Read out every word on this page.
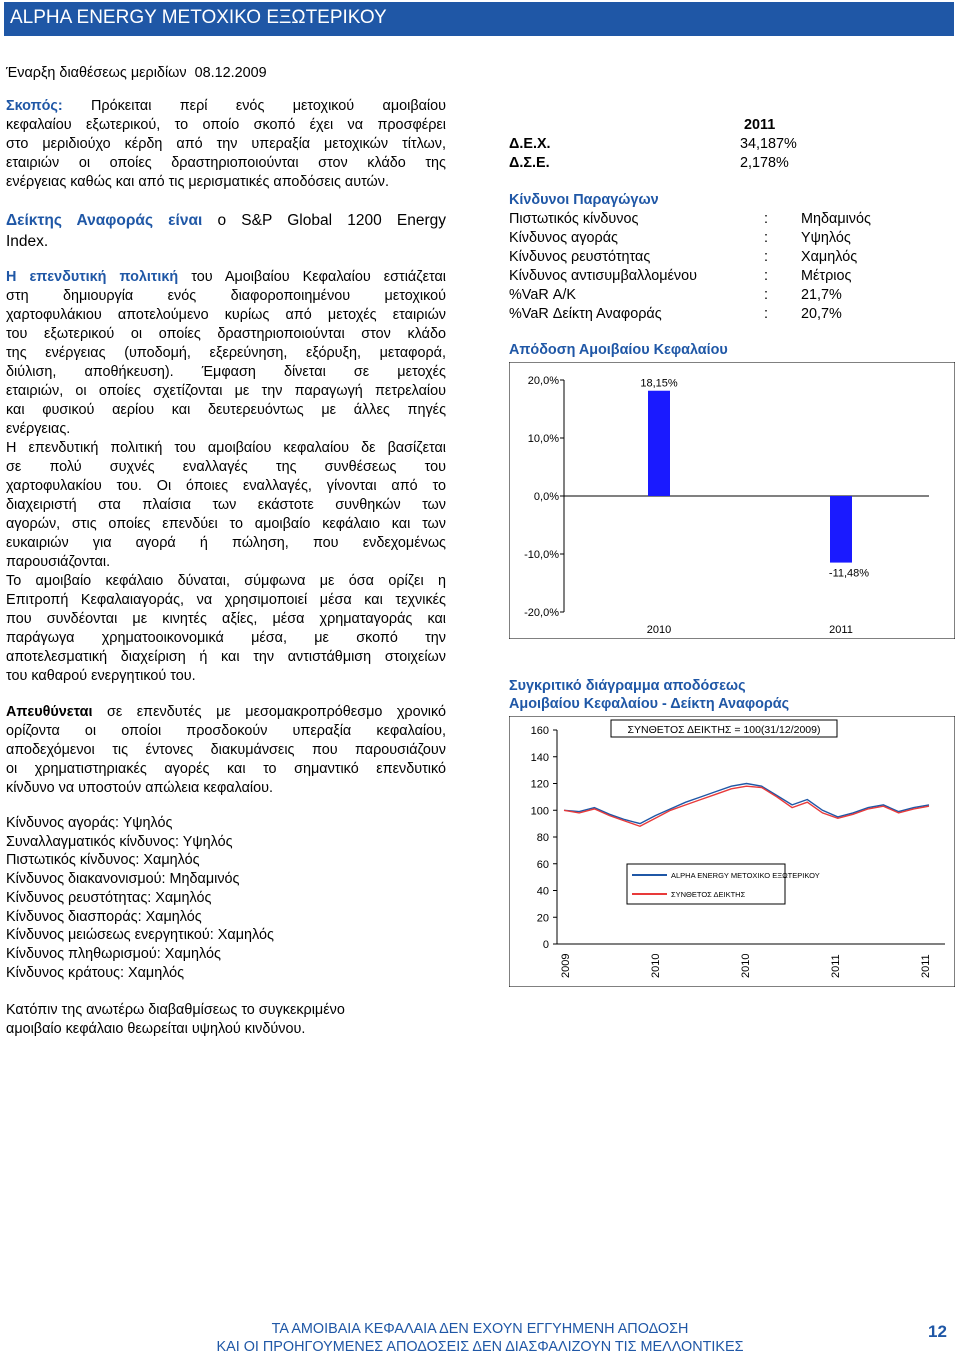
ALPHA ENERGY ΜΕΤΟΧΙΚΟ ΕΞΩΤΕΡΙΚΟΥ
Έναρξη διαθέσεως μεριδίων 08.12.2009
Σκοπός: Πρόκειται περί ενός μετοχικού αμοιβαίου
κεφαλαίου εξωτερικού, το οποίο σκοπό έχει να προσφέρει
στο μεριδιούχο κέρδη από την υπεραξία μετοχικών τίτλων,
εταιριών οι οποίες δραστηριοποιούνται στον κλάδο της
ενέργειας καθώς και από τις μερισματικές αποδόσεις αυτών.
Δείκτης Αναφοράς είναι ο S&P Global 1200 Energy
Index.
Η επενδυτική πολιτική του Αμοιβαίου Κεφαλαίου εστιάζεται
στη δημιουργία ενός διαφοροποιημένου μετοχικού
χαρτοφυλάκιου αποτελούμενο κυρίως από μετοχές εταιριών
του εξωτερικού οι οποίες δραστηριοποιούνται στον κλάδο
της ενέργειας (υποδομή, εξερεύνηση, εξόρυξη, μεταφορά,
διύλιση, αποθήκευση). Έμφαση δίνεται σε μετοχές
εταιριών, οι οποίες σχετίζονται με την παραγωγή πετρελαίου
και φυσικού αερίου και δευτερευόντως με άλλες πηγές
ενέργειας.
Η επενδυτική πολιτική του αμοιβαίου κεφαλαίου δε βασίζεται
σε πολύ συχνές εναλλαγές της συνθέσεως του
χαρτοφυλακίου του. Οι όποιες εναλλαγές, γίνονται από το
διαχειριστή στα πλαίσια των εκάστοτε συνθηκών των
αγορών, στις οποίες επενδύει το αμοιβαίο κεφάλαιο και των
ευκαιριών για αγορά ή πώληση, που ενδεχομένως
παρουσιάζονται.
Το αμοιβαίο κεφάλαιο δύναται, σύμφωνα με όσα ορίζει η
Επιτροπή Κεφαλαιαγοράς, να χρησιμοποιεί μέσα και τεχνικές
που συνδέονται με κινητές αξίες, μέσα χρηματαγοράς και
παράγωγα χρηματοοικονομικά μέσα, με σκοπό την
αποτελεσματική διαχείριση ή και την αντιστάθμιση στοιχείων
του καθαρού ενεργητικού του.
Απευθύνεται σε επενδυτές με μεσομακροπρόθεσμο χρονικό
ορίζοντα οι οποίοι προσδοκούν υπεραξία κεφαλαίου,
αποδεχόμενοι τις έντονες διακυμάνσεις που παρουσιάζουν
οι χρηματιστηριακές αγορές και το σημαντικό επενδυτικό
κίνδυνο να υποστούν απώλεια κεφαλαίου.
Κίνδυνος αγοράς: Υψηλός
Συναλλαγματικός κίνδυνος: Υψηλός
Πιστωτικός κίνδυνος: Χαμηλός
Κίνδυνος διακανονισμού: Μηδαμινός
Κίνδυνος ρευστότητας: Χαμηλός
Κίνδυνος διασποράς: Χαμηλός
Κίνδυνος μειώσεως ενεργητικού: Χαμηλός
Κίνδυνος πληθωρισμού: Χαμηλός
Κίνδυνος κράτους: Χαμηλός
Κατόπιν της ανωτέρω διαβαθμίσεως το συγκεκριμένο
αμοιβαίο κεφάλαιο θεωρείται υψηλού κινδύνου.
2011
Δ.Ε.Χ.	34,187%
Δ.Σ.Ε.	2,178%
Κίνδυνοι Παραγώγων
Πιστωτικός κίνδυνος	: Μηδαμινός
Κίνδυνος αγοράς	: Υψηλός
Κίνδυνος ρευστότητας	: Χαμηλός
Κίνδυνος αντισυμβαλλομένου	: Μέτριος
%VaR Α/Κ	: 21,7%
%VaR Δείκτη Αναφοράς	: 20,7%
Απόδοση Αμοιβαίου Κεφαλαίου
20,0%
10,0%
0,0%
-10,0%
-20,0%
18,15%
-11,48%
2010	2011
Συγκριτικό διάγραμμα αποδόσεως
Αμοιβαίου Κεφαλαίου - Δείκτη Αναφοράς
160
140
120
100
80
60
40
20
0
2009	2010	2010	2011	2011
ΣΥΝΘΕΤΟΣ ΔΕΙΚΤΗΣ = 100(31/12/2009)
ALPHA ENERGY ΜΕΤΟΧΙΚΟ ΕΞΩΤΕΡΙΚΟΥ
ΣΥΝΘΕΤΟΣ ΔΕΙΚΤΗΣ
ΤΑ ΑΜΟΙΒΑΙΑ ΚΕΦΑΛΑΙΑ ΔΕΝ ΕΧΟΥΝ ΕΓΓΥΗΜΕΝΗ ΑΠΟΔΟΣΗ
ΚΑΙ ΟΙ ΠΡΟΗΓΟΥΜΕΝΕΣ ΑΠΟΔΟΣΕΙΣ ΔΕΝ ΔΙΑΣΦΑΛΙΖΟΥΝ ΤΙΣ ΜΕΛΛΟΝΤΙΚΕΣ
12
